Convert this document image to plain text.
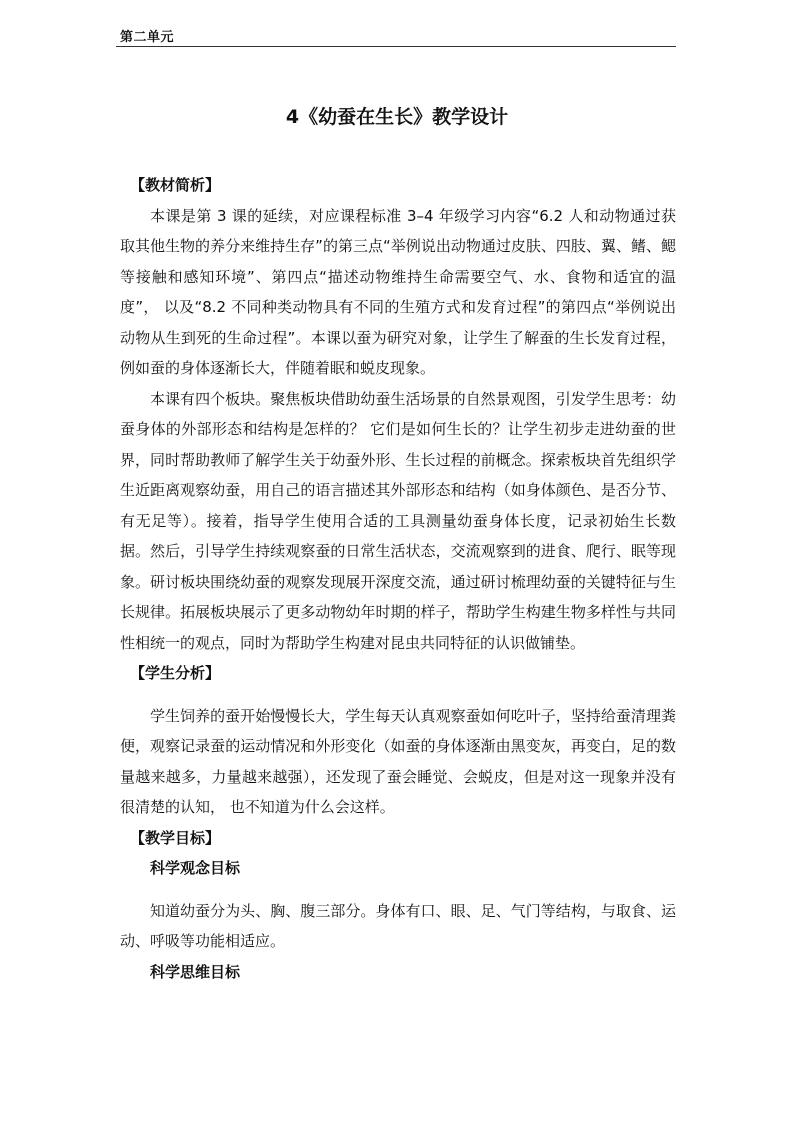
第二单元
4《幼蚕在生长》教学设计

【教材简析】

本课是第 3 课的延续，对应课程标准 3–4 年级学习内容“6.2 人和动物通过获取其他生物的养分来维持生存”的第三点“举例说出动物通过皮肤、四肢、翼、鳍、鳃等接触和感知环境”、第四点“描述动物维持生命需要空气、水、食物和适宜的温度”， 以及“8.2 不同种类动物具有不同的生殖方式和发育过程”的第四点“举例说出动物从生到死的生命过程”。本课以蚕为研究对象，让学生了解蚕的生长发育过程，例如蚕的身体逐渐长大，伴随着眠和蜕皮现象。

本课有四个板块。聚焦板块借助幼蚕生活场景的自然景观图，引发学生思考：幼蚕身体的外部形态和结构是怎样的？ 它们是如何生长的？让学生初步走进幼蚕的世界，同时帮助教师了解学生关于幼蚕外形、生长过程的前概念。探索板块首先组织学生近距离观察幼蚕，用自己的语言描述其外部形态和结构（如身体颜色、是否分节、有无足等）。接着，指导学生使用合适的工具测量幼蚕身体长度，记录初始生长数据。然后，引导学生持续观察蚕的日常生活状态，交流观察到的进食、爬行、眠等现象。研讨板块围绕幼蚕的观察发现展开深度交流，通过研讨梳理幼蚕的关键特征与生长规律。拓展板块展示了更多动物幼年时期的样子，帮助学生构建生物多样性与共同性相统一的观点，同时为帮助学生构建对昆虫共同特征的认识做铺垫。

【学生分析】

学生饲养的蚕开始慢慢长大，学生每天认真观察蚕如何吃叶子，坚持给蚕清理粪便，观察记录蚕的运动情况和外形变化（如蚕的身体逐渐由黑变灰，再变白，足的数量越来越多，力量越来越强），还发现了蚕会睡觉、会蜕皮，但是对这一现象并没有很清楚的认知， 也不知道为什么会这样。

【教学目标】

科学观念目标

知道幼蚕分为头、胸、腹三部分。身体有口、眼、足、气门等结构，与取食、运动、呼吸等功能相适应。

科学思维目标
